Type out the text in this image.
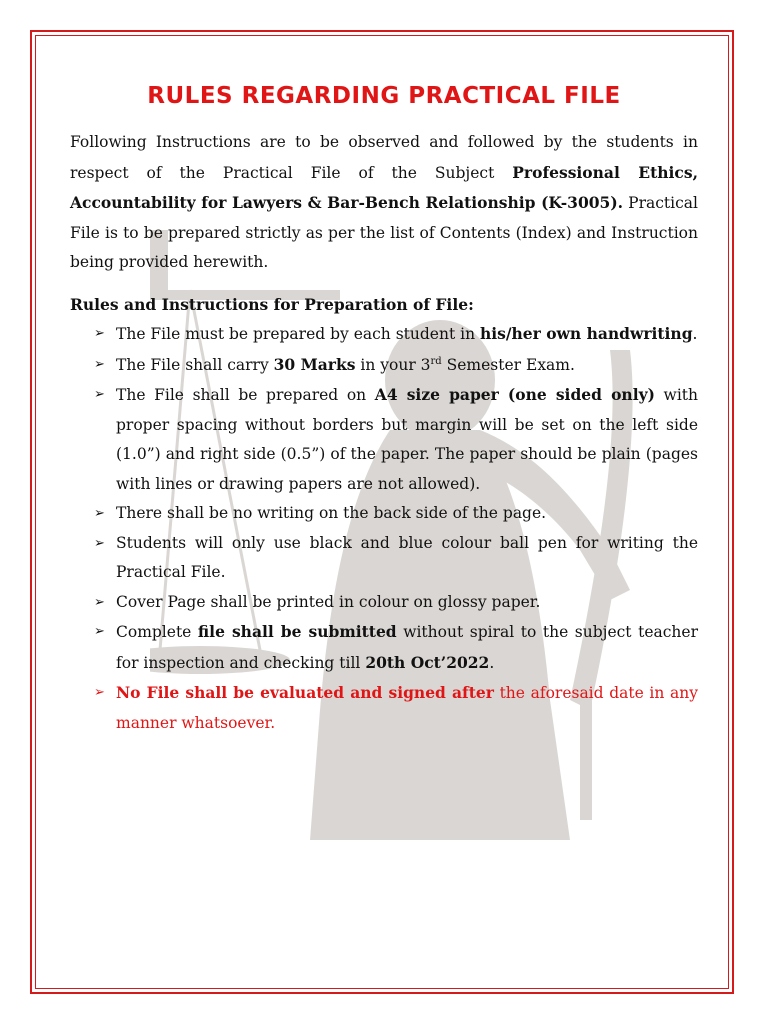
RULES REGARDING PRACTICAL FILE

Following Instructions are to be observed and followed by the students in respect of the Practical File of the Subject Professional Ethics, Accountability for Lawyers & Bar-Bench Relationship (K-3005). Practical File is to be prepared strictly as per the list of Contents (Index) and Instruction being provided herewith.

Rules and Instructions for Preparation of File:

➢ The File must be prepared by each student in his/her own handwriting.
➢ The File shall carry 30 Marks in your 3rd Semester Exam.
➢ The File shall be prepared on A4 size paper (one sided only) with proper spacing without borders but margin will be set on the left side (1.0”) and right side (0.5”) of the paper. The paper should be plain (pages with lines or drawing papers are not allowed).
➢ There shall be no writing on the back side of the page.
➢ Students will only use black and blue colour ball pen for writing the Practical File.
➢ Cover Page shall be printed in colour on glossy paper.
➢ Complete file shall be submitted without spiral to the subject teacher for inspection and checking till 20th Oct’2022.
➢ No File shall be evaluated and signed after the aforesaid date in any manner whatsoever.
